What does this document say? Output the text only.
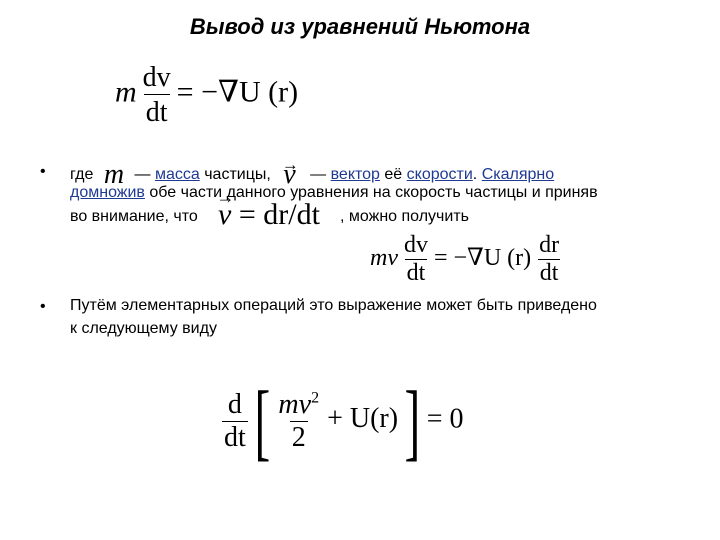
Вывод из уравнений Ньютона
m $\frac{dv}{dt} = -\nabla U$ (r)
• где m — масса частицы, v → — вектор её скорости. Скалярно
домножив обе части данного уравнения на скорость частицы и приняв
во внимание, что v → = dr/dt , можно получить
mv $\frac{dv}{dt} = -\nabla U$ $(r) \frac{dr}{dt}$
• Путём элементарных операций это выражение может быть приведено
к следующему виду
$\frac{d}{dt}$ [ $\frac{mv^2}{2} + U(r)] = 0$
